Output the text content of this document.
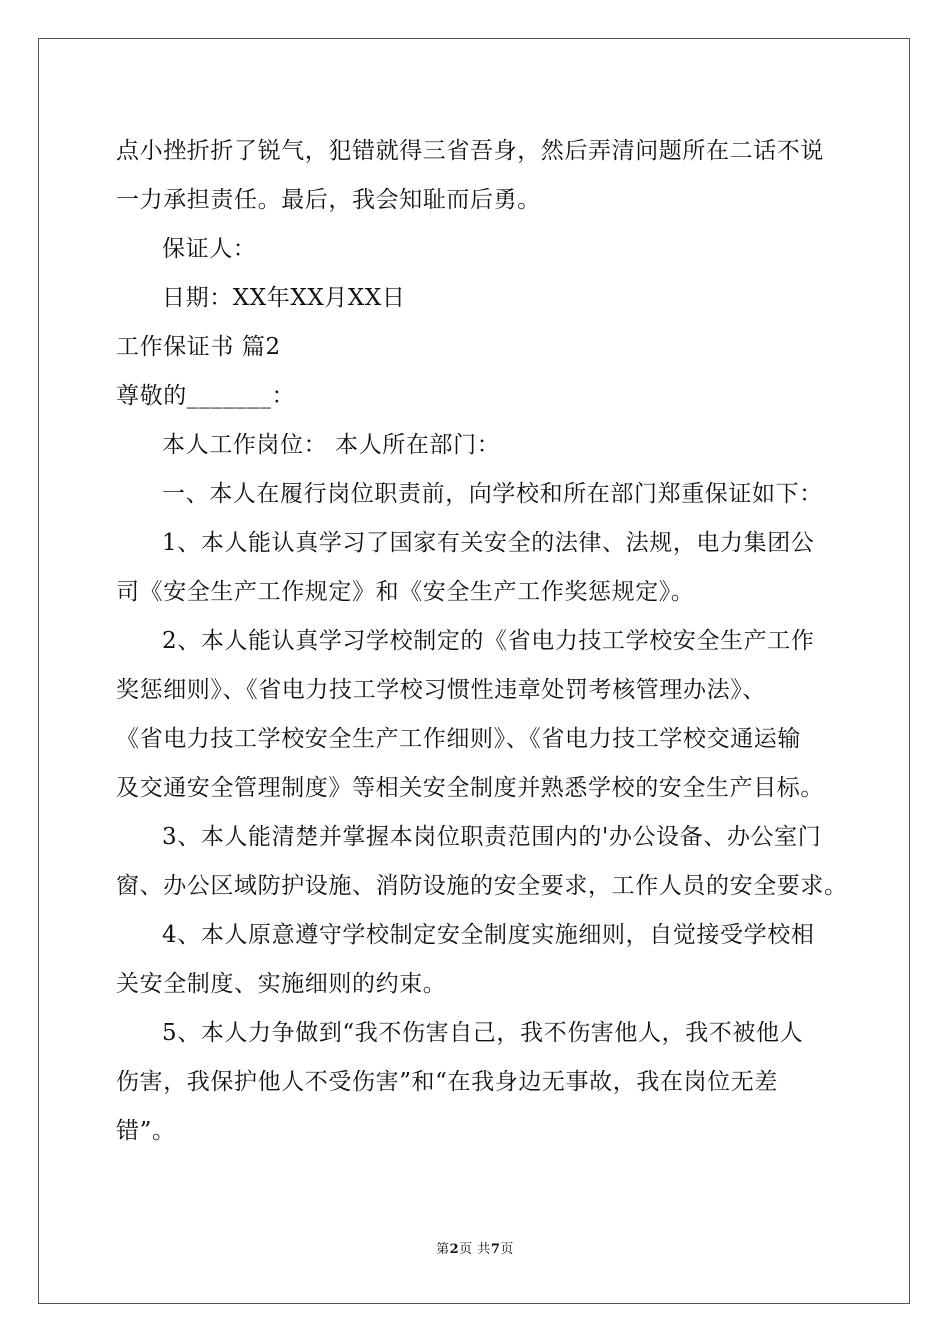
点小挫折折了锐气，犯错就得三省吾身，然后弄清问题所在二话不说
一力承担责任。最后，我会知耻而后勇。
保证人：
日期：XX年XX月XX日
工作保证书 篇2
尊敬的_______：
本人工作岗位： 本人所在部门：
一、本人在履行岗位职责前，向学校和所在部门郑重保证如下：
1、本人能认真学习了国家有关安全的法律、法规，电力集团公
司《安全生产工作规定》和《安全生产工作奖惩规定》。
2、本人能认真学习学校制定的《省电力技工学校安全生产工作
奖惩细则》、《省电力技工学校习惯性违章处罚考核管理办法》、
《省电力技工学校安全生产工作细则》、《省电力技工学校交通运输
及交通安全管理制度》等相关安全制度并熟悉学校的安全生产目标。
3、本人能清楚并掌握本岗位职责范围内的'办公设备、办公室门
窗、办公区域防护设施、消防设施的安全要求，工作人员的安全要求。
4、本人原意遵守学校制定安全制度实施细则，自觉接受学校相
关安全制度、实施细则的约束。
5、本人力争做到“我不伤害自己，我不伤害他人，我不被他人
伤害，我保护他人不受伤害”和“在我身边无事故，我在岗位无差
错”。
第2页 共7页
